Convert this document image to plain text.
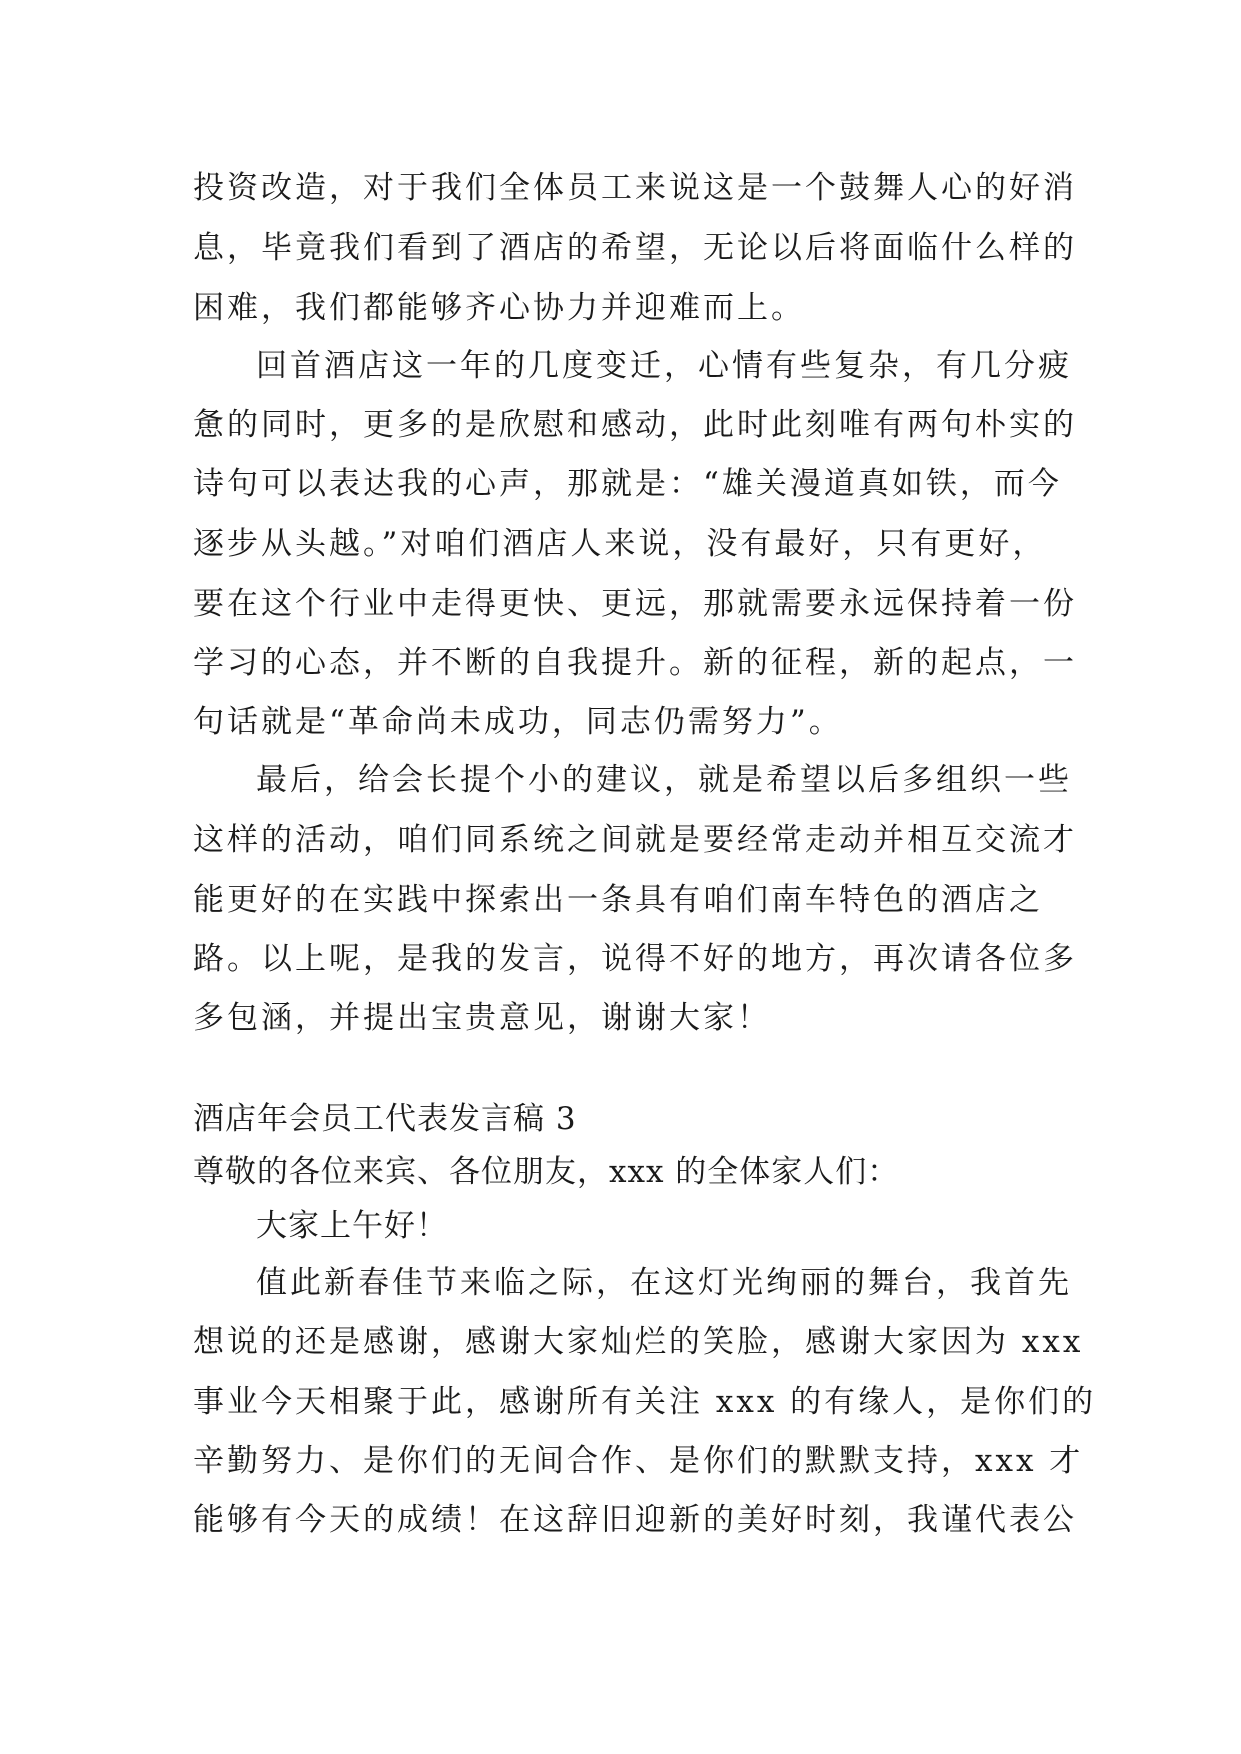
投资改造，对于我们全体员工来说这是一个鼓舞人心的好消
息，毕竟我们看到了酒店的希望，无论以后将面临什么样的
困难，我们都能够齐心协力并迎难而上。
回首酒店这一年的几度变迁，心情有些复杂，有几分疲
惫的同时，更多的是欣慰和感动，此时此刻唯有两句朴实的
诗句可以表达我的心声，那就是：“雄关漫道真如铁，而今
逐步从头越。”对咱们酒店人来说，没有最好，只有更好，
要在这个行业中走得更快、更远，那就需要永远保持着一份
学习的心态，并不断的自我提升。新的征程，新的起点，一
句话就是“革命尚未成功，同志仍需努力”。
最后，给会长提个小的建议，就是希望以后多组织一些
这样的活动，咱们同系统之间就是要经常走动并相互交流才
能更好的在实践中探索出一条具有咱们南车特色的酒店之
路。以上呢，是我的发言，说得不好的地方，再次请各位多
多包涵，并提出宝贵意见，谢谢大家！
酒店年会员工代表发言稿 3
尊敬的各位来宾、各位朋友，xxx 的全体家人们：
大家上午好！
值此新春佳节来临之际，在这灯光绚丽的舞台，我首先
想说的还是感谢，感谢大家灿烂的笑脸，感谢大家因为 xxx
事业今天相聚于此，感谢所有关注 xxx 的有缘人，是你们的
辛勤努力、是你们的无间合作、是你们的默默支持，xxx 才
能够有今天的成绩！在这辞旧迎新的美好时刻，我谨代表公
